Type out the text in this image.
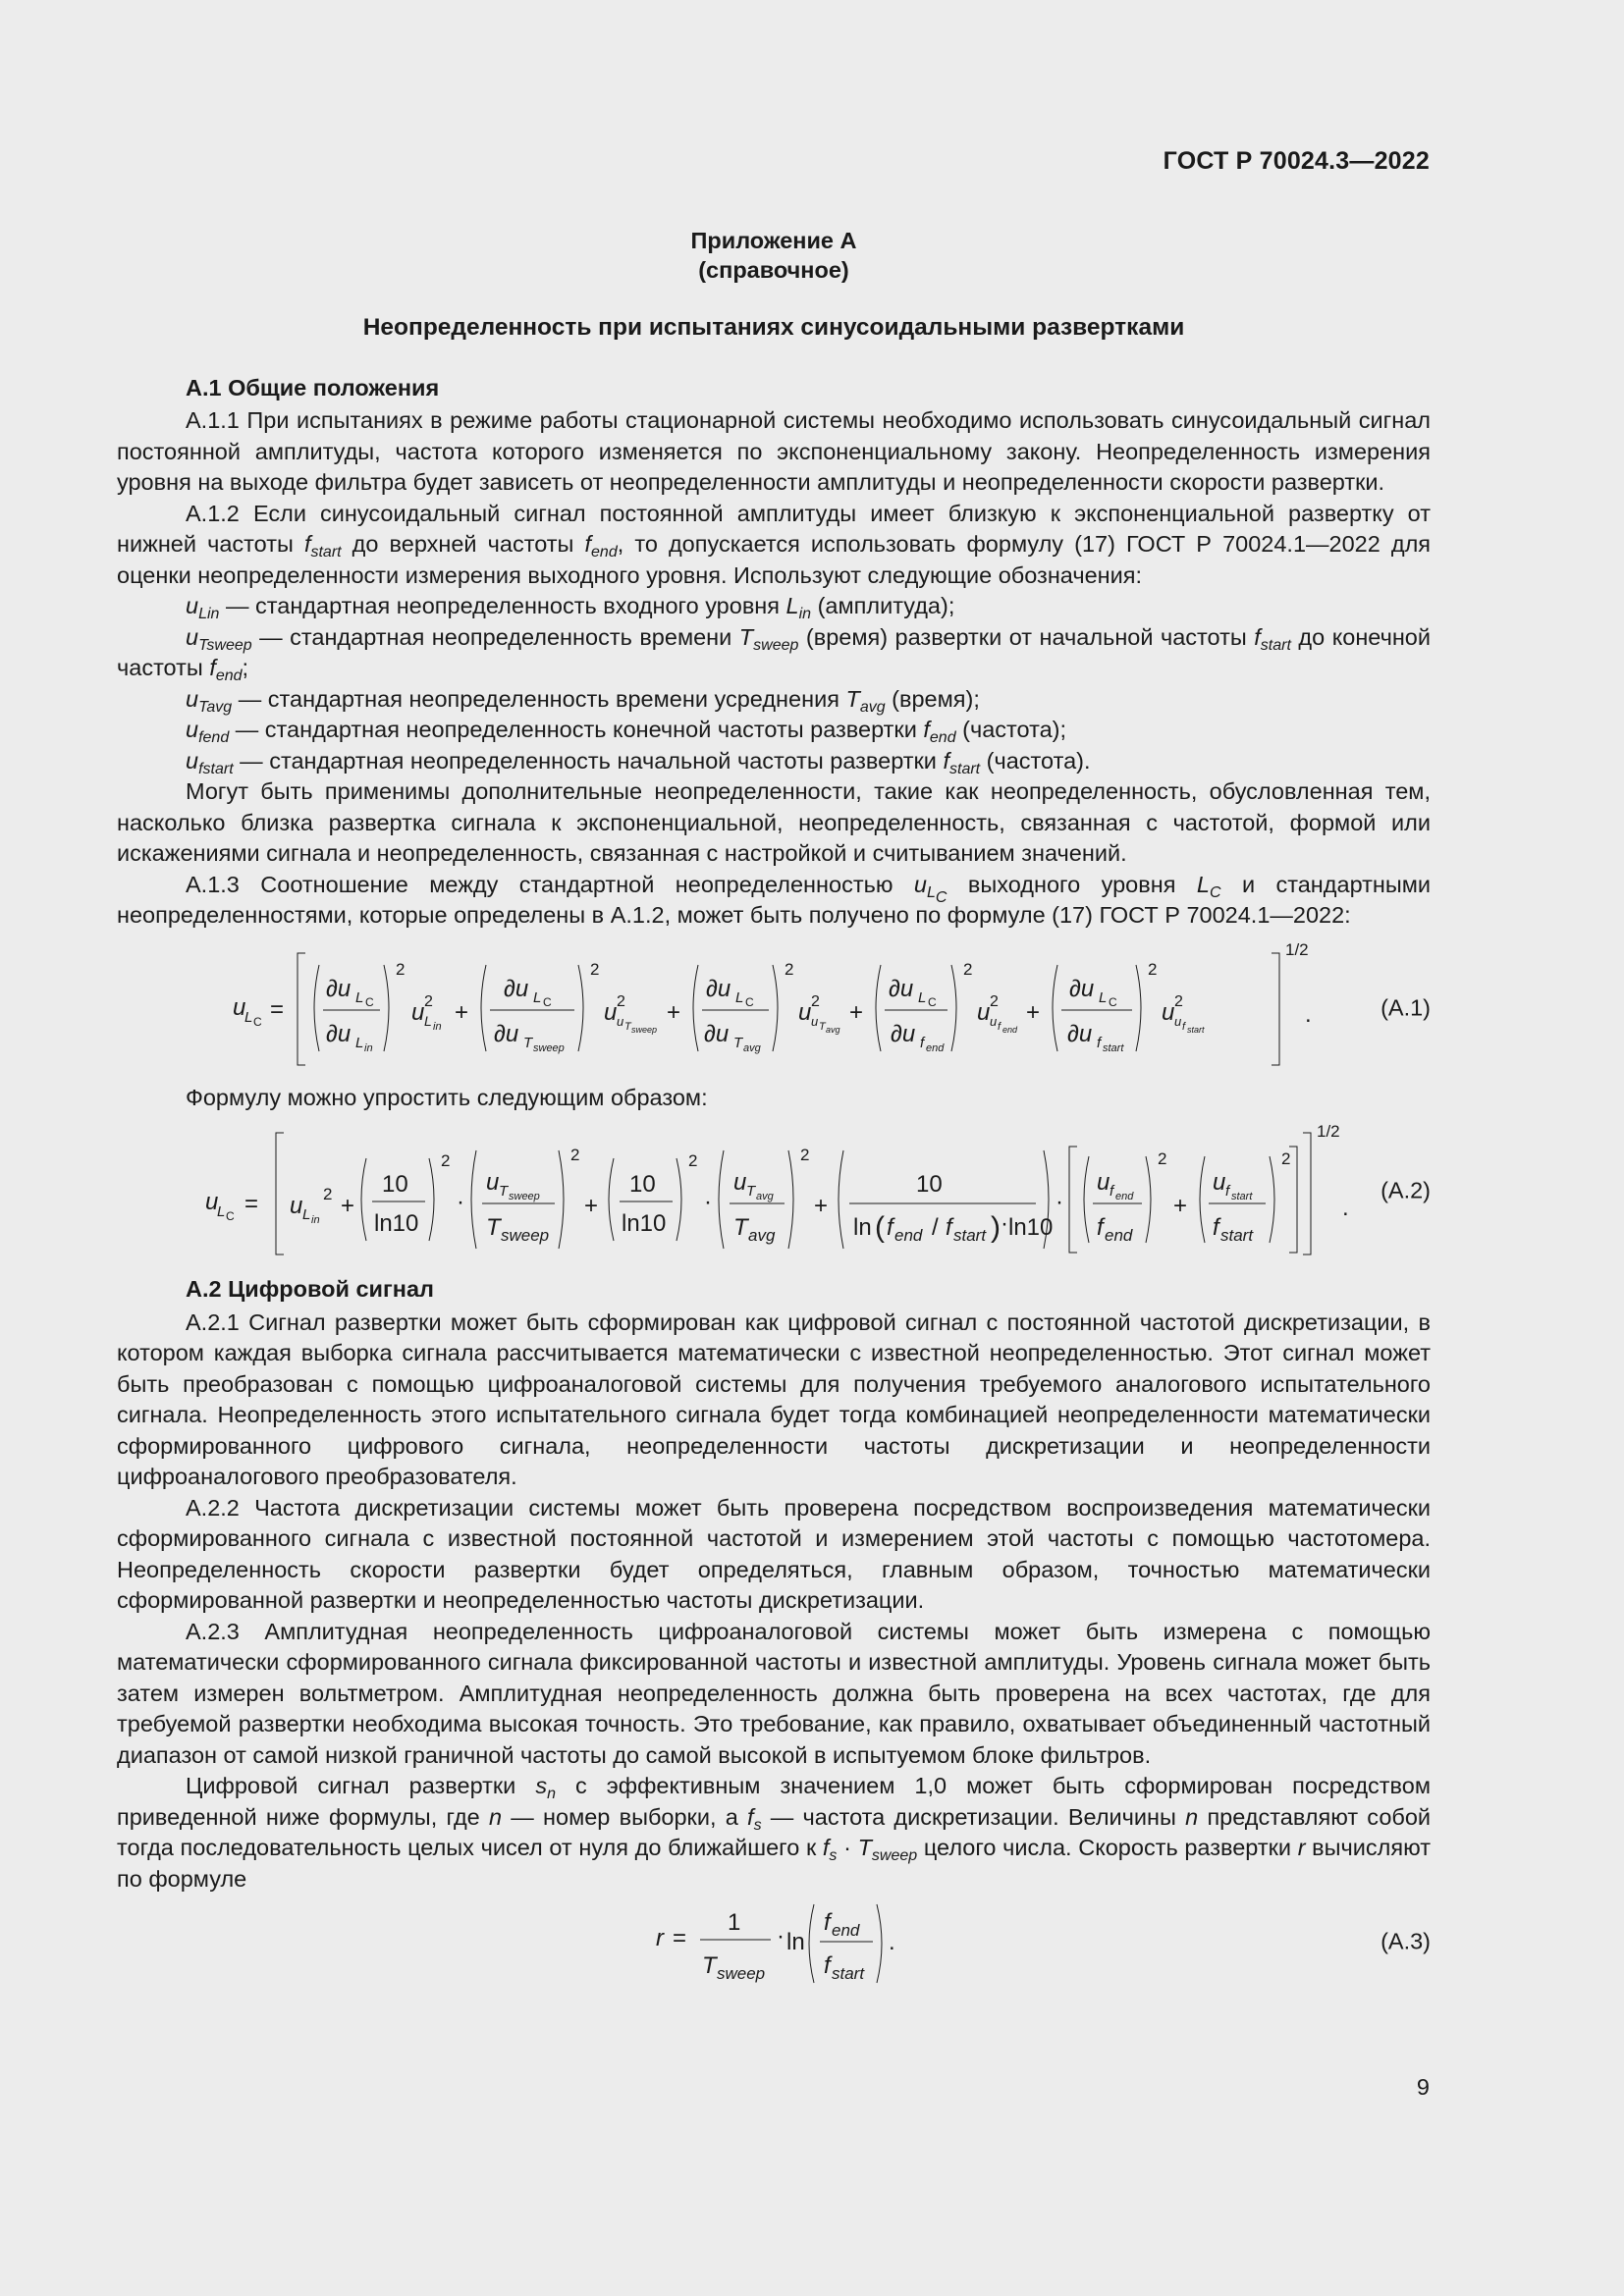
ГОСТ Р 70024.3—2022
Приложение А
(справочное)
Неопределенность при испытаниях синусоидальными развертками
А.1 Общие положения

А.1.1 При испытаниях в режиме работы стационарной системы необходимо использовать синусоидальный сигнал постоянной амплитуды, частота которого изменяется по экспоненциальному закону. Неопределенность измерения уровня на выходе фильтра будет зависеть от неопределенности амплитуды и неопределенности скорости развертки.

А.1.2 Если синусоидальный сигнал постоянной амплитуды имеет близкую к экспоненциальной развертку от нижней частоты $f_{start}$ до верхней частоты $f_{end}$, то допускается использовать формулу (17) ГОСТ Р 70024.1—2022 для оценки неопределенности измерения выходного уровня. Используют следующие обозначения:

$u_{Lin}$ — стандартная неопределенность входного уровня $L_{in}$ (амплитуда);

$u_{Tsweep}$ — стандартная неопределенность времени $T_{sweep}$ (время) развертки от начальной частоты $f_{start}$ до конечной частоты $f_{end}$;

$u_{Tavg}$ — стандартная неопределенность времени усреднения $T_{avg}$ (время);

$u_{fend}$ — стандартная неопределенность конечной частоты развертки $f_{end}$ (частота);

$u_{fstart}$ — стандартная неопределенность начальной частоты развертки $f_{start}$ (частота).

Могут быть применимы дополнительные неопределенности, такие как неопределенность, обусловленная тем, насколько близка развертка сигнала к экспоненциальной, неопределенность, связанная с частотой, формой или искажениями сигнала и неопределенность, связанная с настройкой и считыванием значений.

А.1.3 Соотношение между стандартной неопределенностью $u_{L_C}$ выходного уровня $L_C$ и стандартными неопределенностями, которые определены в А.1.2, может быть получено по формуле (17) ГОСТ Р 70024.1—2022:

u
L C =
∂u L C
∂u L in
2
u 2
L in
+
∂u L C
∂u T sweep
2
u 2
u T sweep
+
∂u L C
∂u T avg
2
u 2
u T avg
+
∂u L C
∂u f end
2
u 2
u f end
+
∂u L C
∂u f start
2
u 2
u f start
1/2
.	(А.1)

Формулу можно упростить следующим образом:

u
L C = u L in
2 +
10
ln10
2
·
u T sweep
T sweep
2
+
10
ln10
2
·
u T avg
T avg
2
+
10
ln ( f end / f start ) · ln10
·
u f end
f end
2
+
u f start
f start
2
1/2
.
(А.2)
А.2 Цифровой сигнал

А.2.1 Сигнал развертки может быть сформирован как цифровой сигнал с постоянной частотой дискретизации, в котором каждая выборка сигнала рассчитывается математически с известной неопределенностью. Этот сигнал может быть преобразован с помощью цифроаналоговой системы для получения требуемого аналогового испытательного сигнала. Неопределенность этого испытательного сигнала будет тогда комбинацией неопределенности математически сформированного цифрового сигнала, неопределенности частоты дискретизации и неопределенности цифроаналогового преобразователя.

А.2.2 Частота дискретизации системы может быть проверена посредством воспроизведения математически сформированного сигнала с известной постоянной частотой и измерением этой частоты с помощью частотомера. Неопределенность скорости развертки будет определяться, главным образом, точностью математически сформированной развертки и неопределенностью частоты дискретизации.

А.2.3 Амплитудная неопределенность цифроаналоговой системы может быть измерена с помощью математически сформированного сигнала фиксированной частоты и известной амплитуды. Уровень сигнала может быть затем измерен вольтметром. Амплитудная неопределенность должна быть проверена на всех частотах, где для требуемой развертки необходима высокая точность. Это требование, как правило, охватывает объединенный частотный диапазон от самой низкой граничной частоты до самой высокой в испытуемом блоке фильтров.

Цифровой сигнал развертки $s_n$ с эффективным значением 1,0 может быть сформирован посредством приведенной ниже формулы, где n — номер выборки, а $f_s$ — частота дискретизации. Величины n представляют собой тогда последовательность целых чисел от нуля до ближайшего к $f_s \cdot T_{sweep}$ целого числа. Скорость развертки r вычисляют по формуле

r =
1
T sweep
· ln
f end
f start
.	(А.3)
9
